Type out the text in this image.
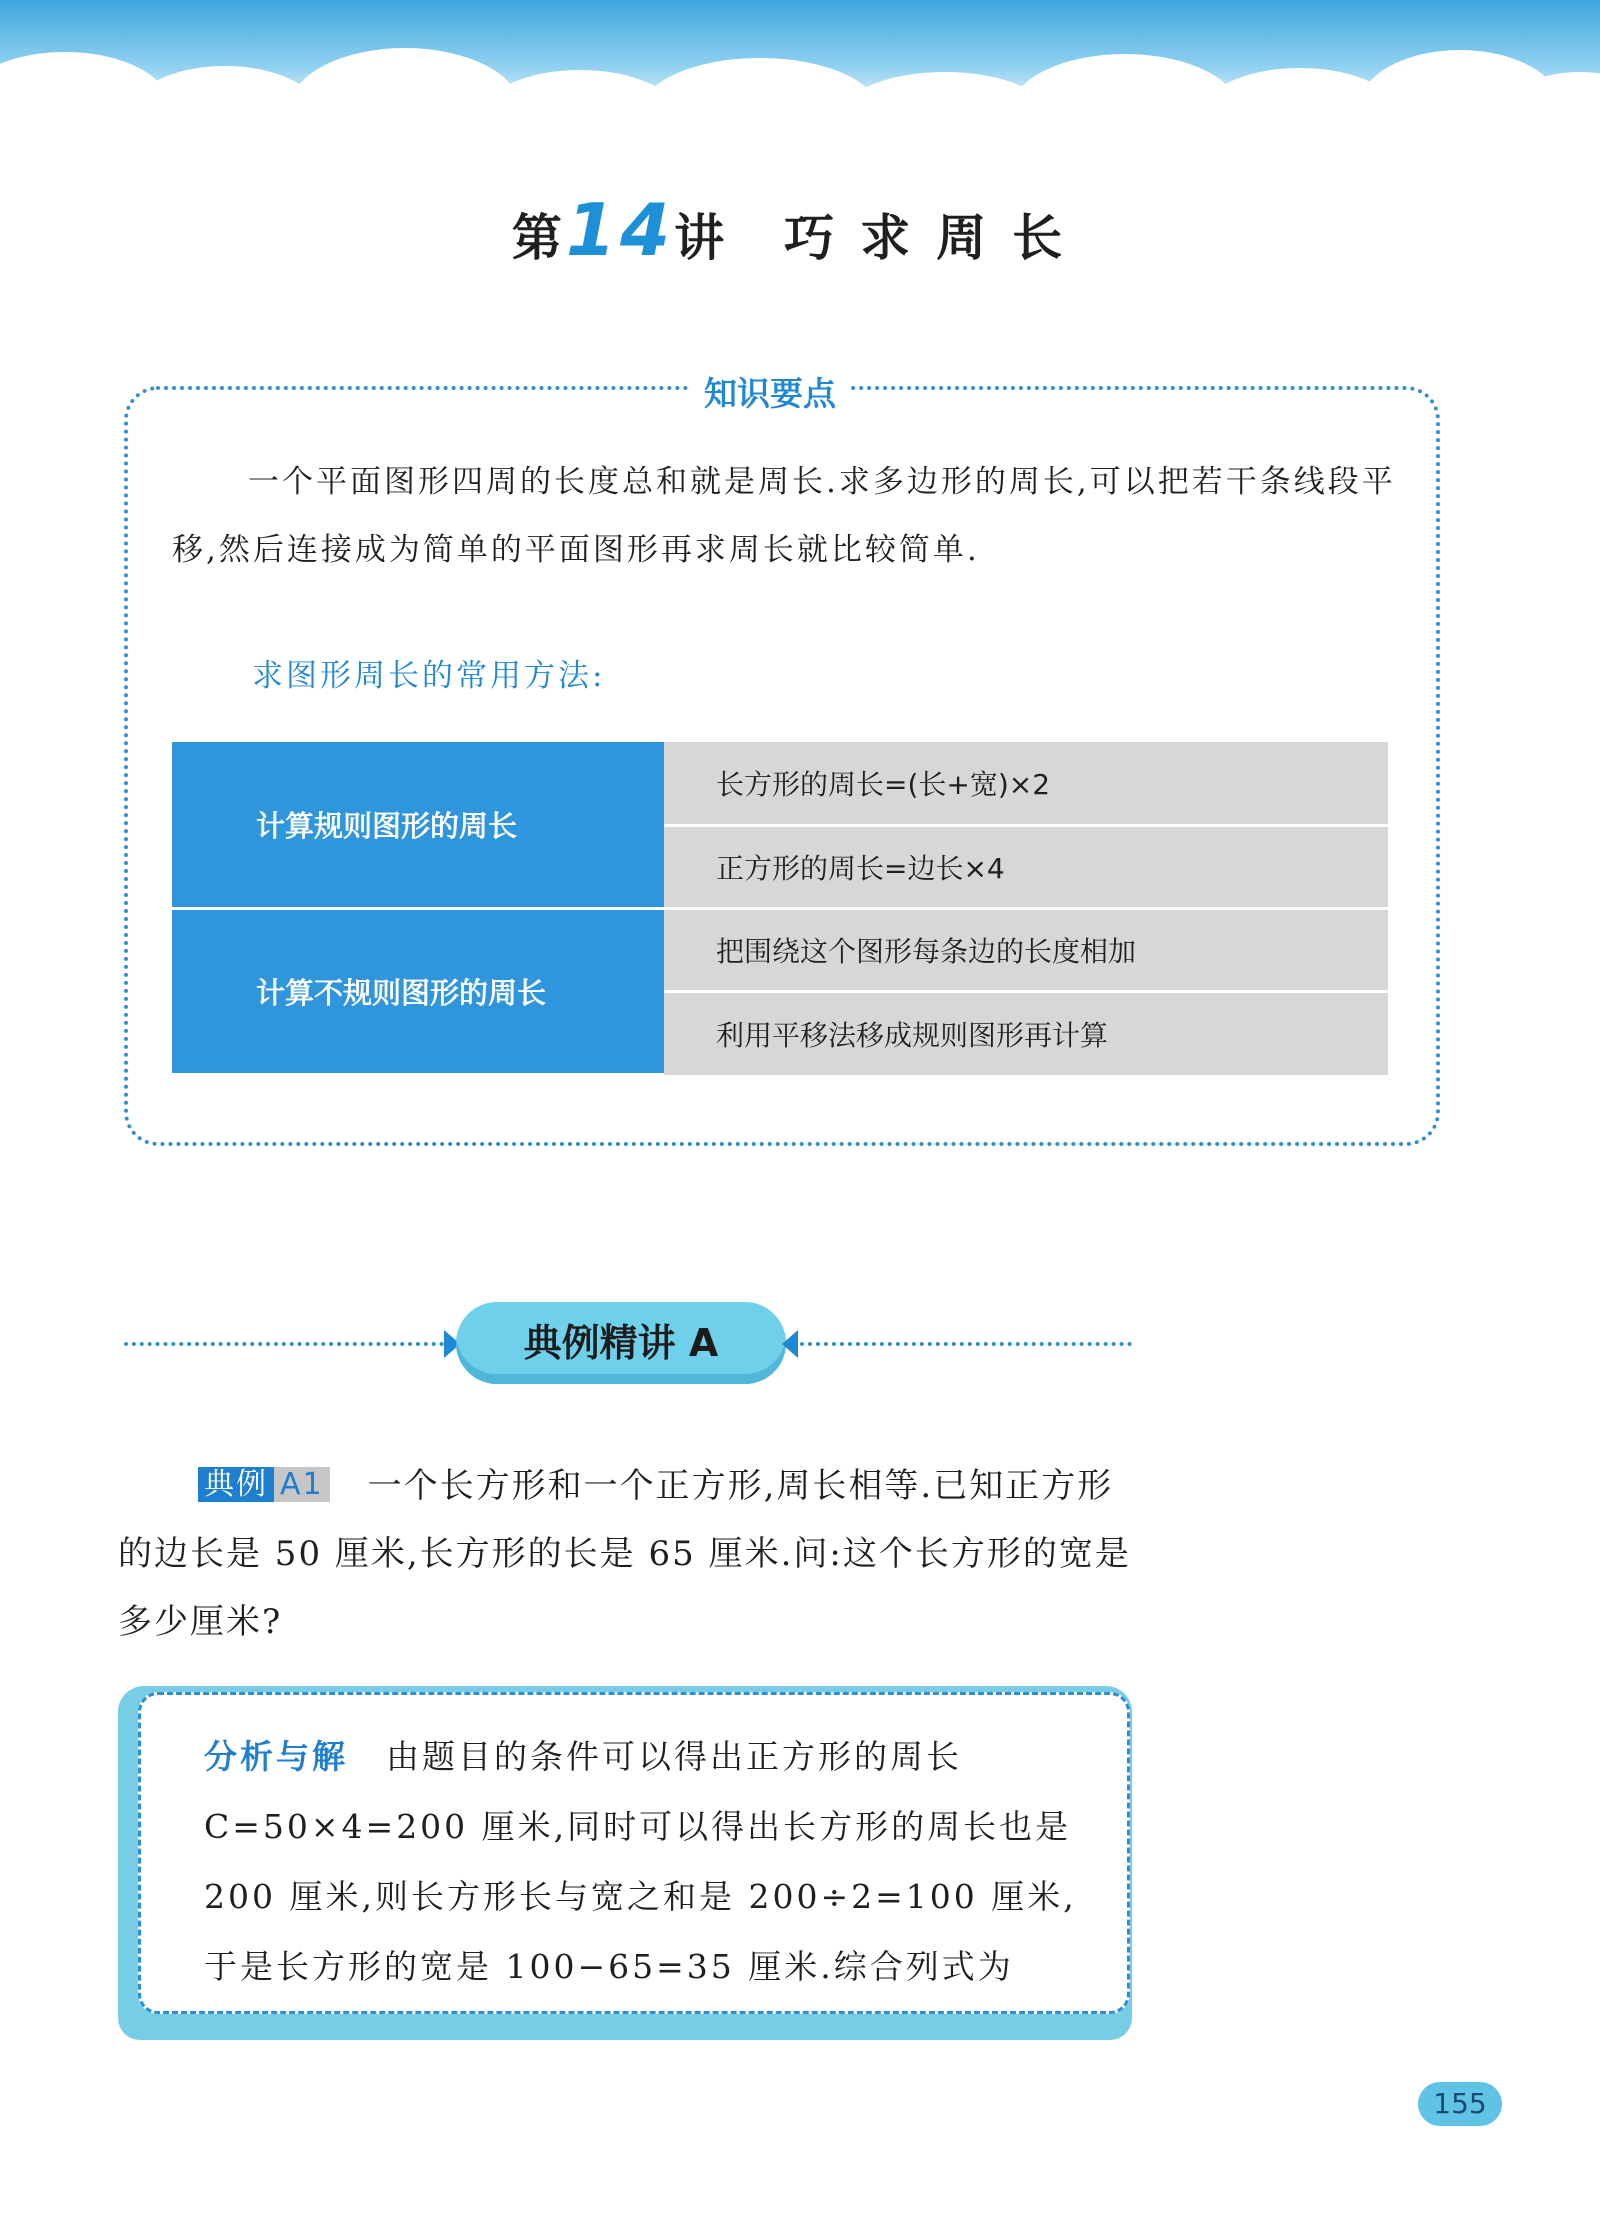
第14讲 巧求周长
知识要点
一个平面图形四周的长度总和就是周长.求多边形的周长,可以把若干条线段平移,然后连接成为简单的平面图形再求周长就比较简单.
求图形周长的常用方法:
计算规则图形的周长	长方形的周长=(长+宽)×2
	正方形的周长=边长×4
计算不规则图形的周长	把围绕这个图形每条边的长度相加
	利用平移法移成规则图形再计算
典例精讲 A
典例 A1 一个长方形和一个正方形,周长相等.已知正方形的边长是 50 厘米,长方形的长是 65 厘米.问:这个长方形的宽是多少厘米?
分析与解 由题目的条件可以得出正方形的周长 C=50×4=200 厘米,同时可以得出长方形的周长也是 200 厘米,则长方形长与宽之和是 200÷2=100 厘米,于是长方形的宽是 100−65=35 厘米.综合列式为
155
